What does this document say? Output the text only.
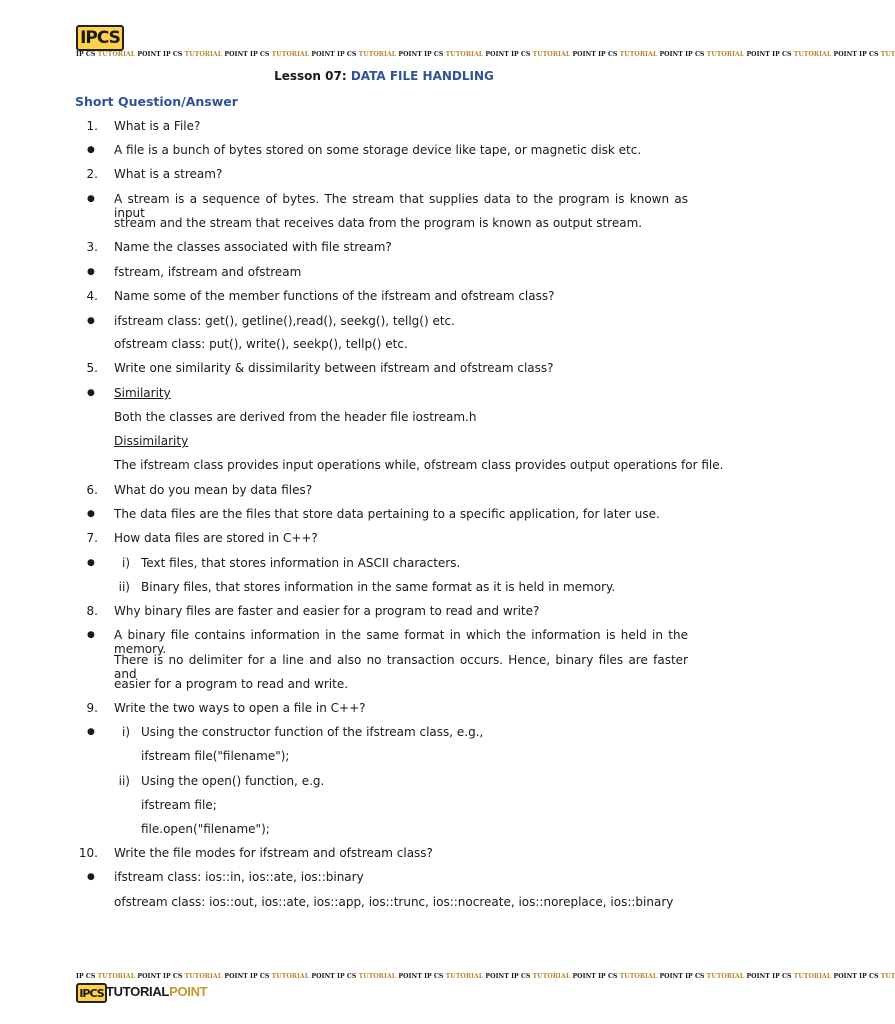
IPCS
IP CS TUTORIAL POINT IP CS TUTORIAL POINT IP CS TUTORIAL POINT IP CS TUTORIAL POINT IP CS TUTORIAL POINT IP CS TUTORIAL POINT IP CS TUTORIAL POINT IP CS TUTORIAL POINT IP CS TUTORIAL POINT IP CS TUT
Lesson 07: DATA FILE HANDLING
Short Question/Answer
1. What is a File?
● A file is a bunch of bytes stored on some storage device like tape, or magnetic disk etc.
2. What is a stream?
● A stream is a sequence of bytes. The stream that supplies data to the program is known as input
stream and the stream that receives data from the program is known as output stream.
3. Name the classes associated with file stream?
● fstream, ifstream and ofstream
4. Name some of the member functions of the ifstream and ofstream class?
● ifstream class: get(), getline(),read(), seekg(), tellg() etc.
ofstream class: put(), write(), seekp(), tellp() etc.
5. Write one similarity & dissimilarity between ifstream and ofstream class?
● Similarity
Both the classes are derived from the header file iostream.h
Dissimilarity
The ifstream class provides input operations while, ofstream class provides output operations for file.
6. What do you mean by data files?
● The data files are the files that store data pertaining to a specific application, for later use.
7. How data files are stored in C++?
●	i) Text files, that stores information in ASCII characters.
ii) Binary files, that stores information in the same format as it is held in memory.
8. Why binary files are faster and easier for a program to read and write?
● A binary file contains information in the same format in which the information is held in the memory.
There is no delimiter for a line and also no transaction occurs. Hence, binary files are faster and
easier for a program to read and write.
9. Write the two ways to open a file in C++?
●	i) Using the constructor function of the ifstream class, e.g.,
ifstream file("filename");
ii) Using the open() function, e.g.
ifstream file;
file.open("filename");
10. Write the file modes for ifstream and ofstream class?
● ifstream class: ios::in, ios::ate, ios::binary
ofstream class: ios::out, ios::ate, ios::app, ios::trunc, ios::nocreate, ios::noreplace, ios::binary
IP CS TUTORIAL POINT IP CS TUTORIAL POINT IP CS TUTORIAL POINT IP CS TUTORIAL POINT IP CS TUTORIAL POINT IP CS TUTORIAL POINT IP CS TUTORIAL POINT IP CS TUTORIAL POINT IP CS TUTORIAL POINT IP CS TUT
IPCS TUTORIALPOINT
